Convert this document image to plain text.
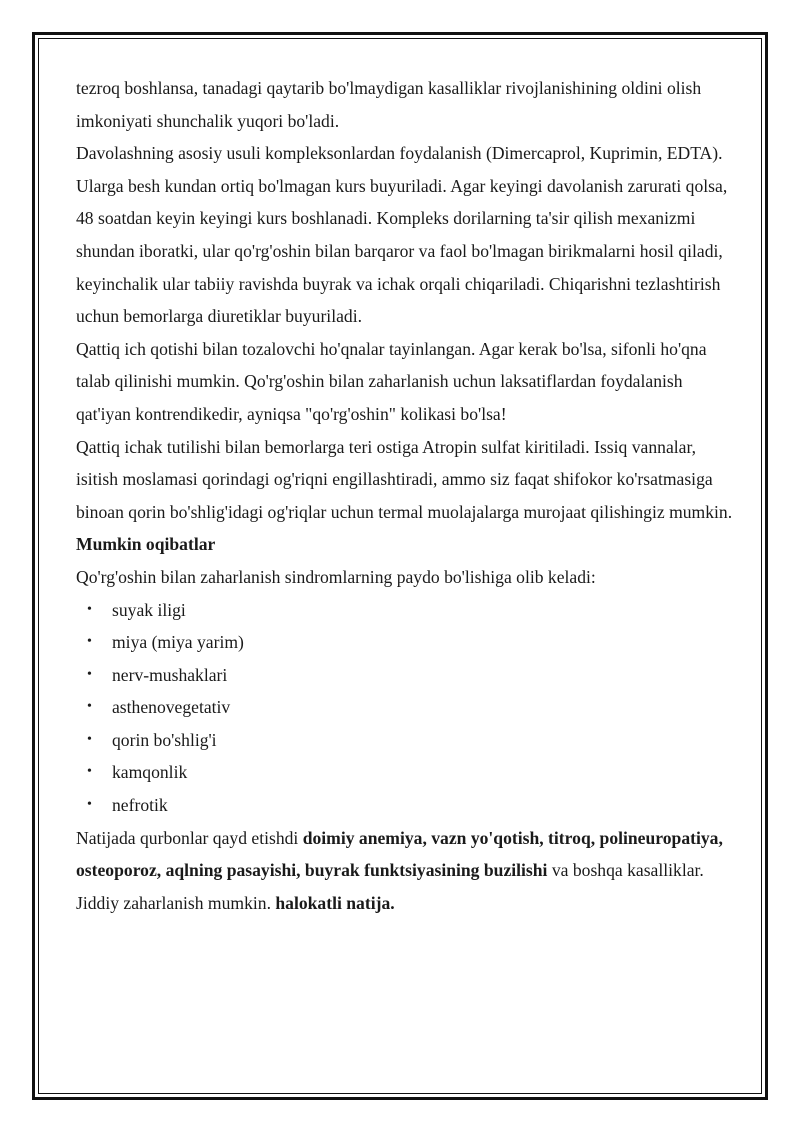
tezroq boshlansa, tanadagi qaytarib bo'lmaydigan kasalliklar rivojlanishining oldini olish imkoniyati shunchalik yuqori bo'ladi.

Davolashning asosiy usuli kompleksonlardan foydalanish (Dimercaprol, Kuprimin, EDTA). Ularga besh kundan ortiq bo'lmagan kurs buyuriladi. Agar keyingi davolanish zarurati qolsa, 48 soatdan keyin keyingi kurs boshlanadi. Kompleks dorilarning ta'sir qilish mexanizmi shundan iboratki, ular qo'rg'oshin bilan barqaror va faol bo'lmagan birikmalarni hosil qiladi, keyinchalik ular tabiiy ravishda buyrak va ichak orqali chiqariladi. Chiqarishni tezlashtirish uchun bemorlarga diuretiklar buyuriladi.

Qattiq ich qotishi bilan tozalovchi ho'qnalar tayinlangan. Agar kerak bo'lsa, sifonli ho'qna talab qilinishi mumkin. Qo'rg'oshin bilan zaharlanish uchun laksatiflardan foydalanish qat'iyan kontrendikedir, ayniqsa "qo'rg'oshin" kolikasi bo'lsa!

Qattiq ichak tutilishi bilan bemorlarga teri ostiga Atropin sulfat kiritiladi. Issiq vannalar, isitish moslamasi qorindagi og'riqni engillashtiradi, ammo siz faqat shifokor ko'rsatmasiga binoan qorin bo'shlig'idagi og'riqlar uchun termal muolajalarga murojaat qilishingiz mumkin.

Mumkin oqibatlar

Qo'rg'oshin bilan zaharlanish sindromlarning paydo bo'lishiga olib keladi:

• suyak iligi
• miya (miya yarim)
• nerv-mushaklari
• asthenovegetativ
• qorin bo'shlig'i
• kamqonlik
• nefrotik

Natijada qurbonlar qayd etishdi doimiy anemiya, vazn yo'qotish, titroq, polineuropatiya, osteoporoz, aqlning pasayishi, buyrak funktsiyasining buzilishi va boshqa kasalliklar.

Jiddiy zaharlanish mumkin. halokatli natija.
